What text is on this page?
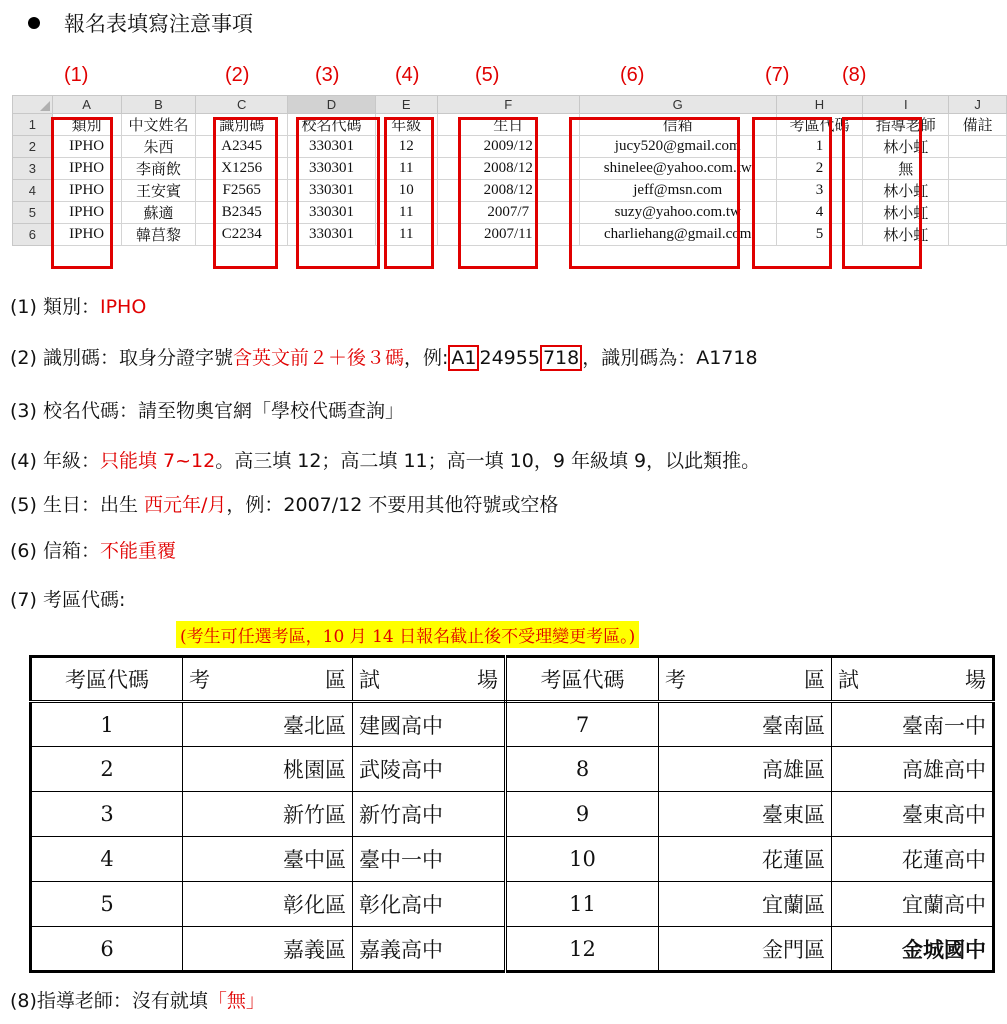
報名表填寫注意事項
(1)	(2)	(3)	(4)	(5)	(6)	(7)	(8)
	A	B	C	D	E	F	G	H	I	J
1	類別	中文姓名	識別碼	校名代碼	年級	生日	信箱	考區代碼	指導老師	備註
2	IPHO	朱西	A2345	330301	12	2009/12	jucy520@gmail.com	1	林小虹	
3	IPHO	李商飲	X1256	330301	11	2008/12	shinelee@yahoo.com.tw	2	無	
4	IPHO	王安賓	F2565	330301	10	2008/12	jeff@msn.com	3	林小虹	
5	IPHO	蘇適	B2345	330301	11	2007/7	suzy@yahoo.com.tw	4	林小虹	
6	IPHO	韓莒黎	C2234	330301	11	2007/11	charliehang@gmail.com	5	林小虹	
(1) 類別：IPHO
(2) 識別碼：取身分證字號含英文前２＋後３碼，例: A1 24955 718 ，識別碼為：A1718
(3) 校名代碼：請至物奧官網「學校代碼查詢」
(4) 年級：只能填 7~12。高三填 12；高二填 11；高一填 10，9 年級填 9，以此類推。
(5) 生日：出生 西元年/月，例：2007/12 不要用其他符號或空格
(6) 信箱：不能重覆
(7) 考區代碼:
(考生可任選考區，10 月 14 日報名截止後不受理變更考區。)
考區代碼	考　　區	試　　場	考區代碼	考　　區	試　　場
1	臺北區	建國高中	7	臺南區	臺南一中
2	桃園區	武陵高中	8	高雄區	高雄高中
3	新竹區	新竹高中	9	臺東區	臺東高中
4	臺中區	臺中一中	10	花蓮區	花蓮高中
5	彰化區	彰化高中	11	宜蘭區	宜蘭高中
6	嘉義區	嘉義高中	12	金門區	金城國中
(8)指導老師：沒有就填「無」
